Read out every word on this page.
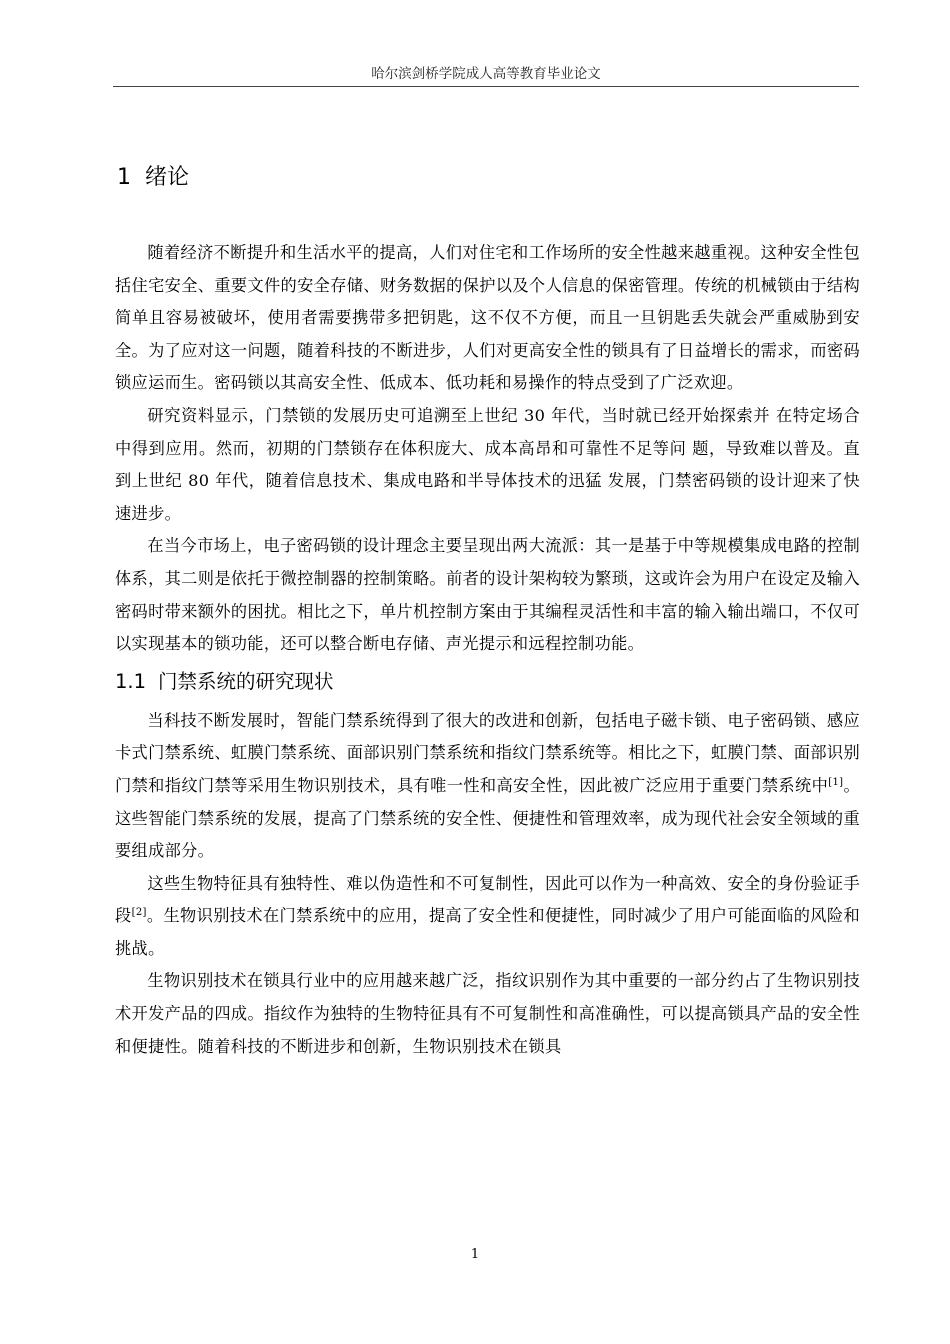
哈尔滨剑桥学院成人高等教育毕业论文
1 绪论

随着经济不断提升和生活水平的提高，人们对住宅和工作场所的安全性越来越重视。这种安全性包括住宅安全、重要文件的安全存储、财务数据的保护以及个人信息的保密管理。传统的机械锁由于结构简单且容易被破坏，使用者需要携带多把钥匙，这不仅不方便，而且一旦钥匙丢失就会严重威胁到安全。为了应对这一问题，随着科技的不断进步，人们对更高安全性的锁具有了日益增长的需求，而密码锁应运而生。密码锁以其高安全性、低成本、低功耗和易操作的特点受到了广泛欢迎。

研究资料显示，门禁锁的发展历史可追溯至上世纪 30 年代，当时就已经开始探索并 在特定场合中得到应用。然而，初期的门禁锁存在体积庞大、成本高昂和可靠性不足等问 题，导致难以普及。直到上世纪 80 年代，随着信息技术、集成电路和半导体技术的迅猛 发展，门禁密码锁的设计迎来了快速进步。

在当今市场上，电子密码锁的设计理念主要呈现出两大流派：其一是基于中等规模集成电路的控制体系，其二则是依托于微控制器的控制策略。前者的设计架构较为繁琐，这或许会为用户在设定及输入密码时带来额外的困扰。相比之下，单片机控制方案由于其编程灵活性和丰富的输入输出端口，不仅可以实现基本的锁功能，还可以整合断电存储、声光提示和远程控制功能。

1.1 门禁系统的研究现状

当科技不断发展时，智能门禁系统得到了很大的改进和创新，包括电子磁卡锁、电子密码锁、感应卡式门禁系统、虹膜门禁系统、面部识别门禁系统和指纹门禁系统等。相比之下，虹膜门禁、面部识别门禁和指纹门禁等采用生物识别技术，具有唯一性和高安全性，因此被广泛应用于重要门禁系统中[1]。这些智能门禁系统的发展，提高了门禁系统的安全性、便捷性和管理效率，成为现代社会安全领域的重要组成部分。

这些生物特征具有独特性、难以伪造性和不可复制性，因此可以作为一种高效、安全的身份验证手段[2]。生物识别技术在门禁系统中的应用，提高了安全性和便捷性，同时减少了用户可能面临的风险和挑战。

生物识别技术在锁具行业中的应用越来越广泛，指纹识别作为其中重要的一部分约占了生物识别技术开发产品的四成。指纹作为独特的生物特征具有不可复制性和高准确性，可以提高锁具产品的安全性和便捷性。随着科技的不断进步和创新，生物识别技术在锁具

1
